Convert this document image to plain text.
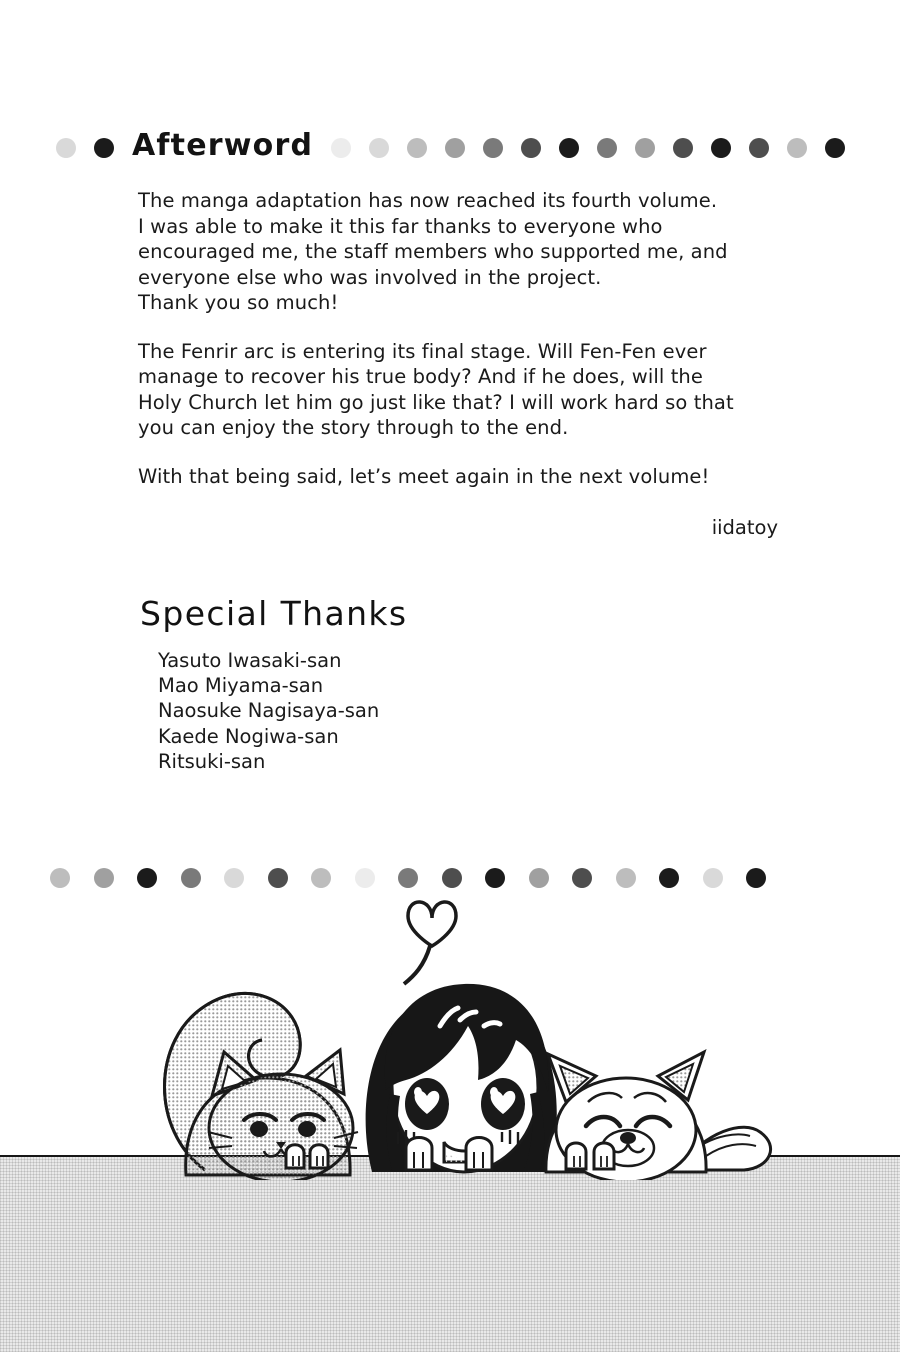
Afterword
The manga adaptation has now reached its fourth volume.
I was able to make it this far thanks to everyone who
encouraged me, the staff members who supported me, and
everyone else who was involved in the project.
Thank you so much!
The Fenrir arc is entering its final stage. Will Fen-Fen ever
manage to recover his true body? And if he does, will the
Holy Church let him go just like that? I will work hard so that
you can enjoy the story through to the end.
With that being said, let’s meet again in the next volume!
iidatoy
Special Thanks
Yasuto Iwasaki-san
Mao Miyama-san
Naosuke Nagisaya-san
Kaede Nogiwa-san
Ritsuki-san
